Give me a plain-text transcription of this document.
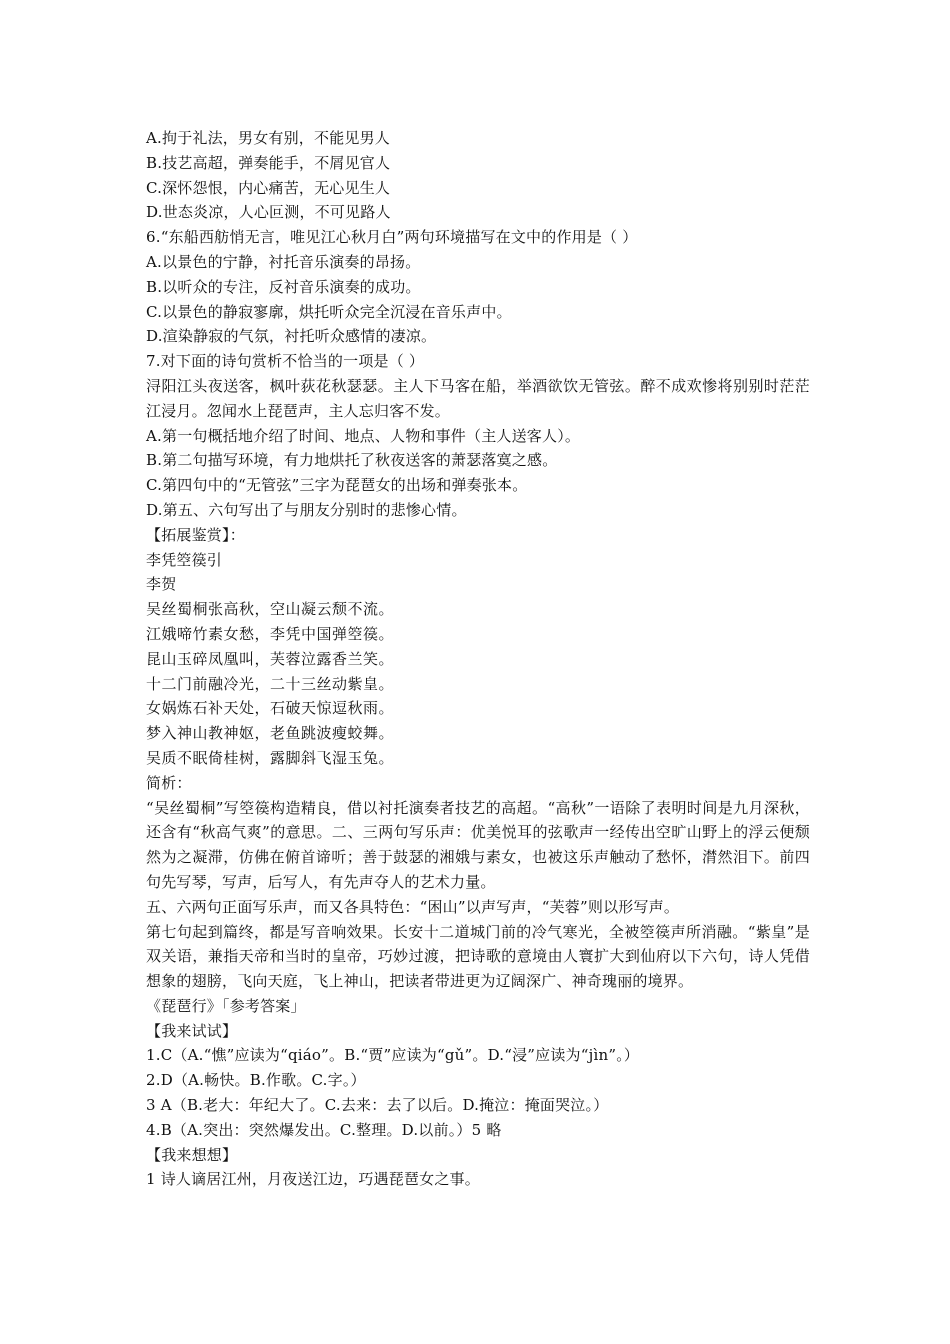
A.拘于礼法，男女有别，不能见男人

B.技艺高超，弹奏能手，不屑见官人

C.深怀怨恨，内心痛苦，无心见生人

D.世态炎凉，人心叵测，不可见路人

6.“东船西舫悄无言，唯见江心秋月白”两句环境描写在文中的作用是（ ）

A.以景色的宁静，衬托音乐演奏的昂扬。

B.以听众的专注，反衬音乐演奏的成功。

C.以景色的静寂寥廓，烘托听众完全沉浸在音乐声中。

D.渲染静寂的气氛，衬托听众感情的凄凉。

7.对下面的诗句赏析不恰当的一项是（ ）

浔阳江头夜送客，枫叶荻花秋瑟瑟。主人下马客在船，举酒欲饮无管弦。醉不成欢惨将别别时茫茫江浸月。忽闻水上琵琶声，主人忘归客不发。

A.第一句概括地介绍了时间、地点、人物和事件（主人送客人）。

B.第二句描写环境，有力地烘托了秋夜送客的萧瑟落寞之感。

C.第四句中的“无管弦”三字为琵琶女的出场和弹奏张本。

D.第五、六句写出了与朋友分别时的悲惨心情。

【拓展鉴赏】：

李凭箜篌引

李贺

吴丝蜀桐张高秋，空山凝云颓不流。

江娥啼竹素女愁，李凭中国弹箜篌。

昆山玉碎凤凰叫，芙蓉泣露香兰笑。

十二门前融冷光，二十三丝动紫皇。

女娲炼石补天处，石破天惊逗秋雨。

梦入神山教神妪，老鱼跳波瘦蛟舞。

吴质不眠倚桂树，露脚斜飞湿玉兔。

简析：

“吴丝蜀桐”写箜篌构造精良，借以衬托演奏者技艺的高超。“高秋”一语除了表明时间是九月深秋，还含有“秋高气爽”的意思。二、三两句写乐声：优美悦耳的弦歌声一经传出空旷山野上的浮云便颓然为之凝滞，仿佛在俯首谛听；善于鼓瑟的湘娥与素女，也被这乐声触动了愁怀，潸然泪下。前四句先写琴，写声，后写人，有先声夺人的艺术力量。

五、六两句正面写乐声，而又各具特色：“困山”以声写声，“芙蓉”则以形写声。

第七句起到篇终，都是写音响效果。长安十二道城门前的冷气寒光，全被箜篌声所消融。“紫皇”是双关语，兼指天帝和当时的皇帝，巧妙过渡，把诗歌的意境由人寰扩大到仙府以下六句，诗人凭借想象的翅膀，飞向天庭，飞上神山，把读者带进更为辽阔深广、神奇瑰丽的境界。

《琵琶行》「参考答案」

【我来试试】

1.C（A.“憔”应读为“qiáo”。B.“贾”应读为“gǔ”。D.“浸”应读为“jìn”。）

2.D（A.畅快。B.作歌。C.字。）

3 A（B.老大：年纪大了。C.去来：去了以后。D.掩泣：掩面哭泣。）

4.B（A.突出：突然爆发出。C.整理。D.以前。）5 略

【我来想想】

1 诗人谪居江州，月夜送江边，巧遇琵琶女之事。
